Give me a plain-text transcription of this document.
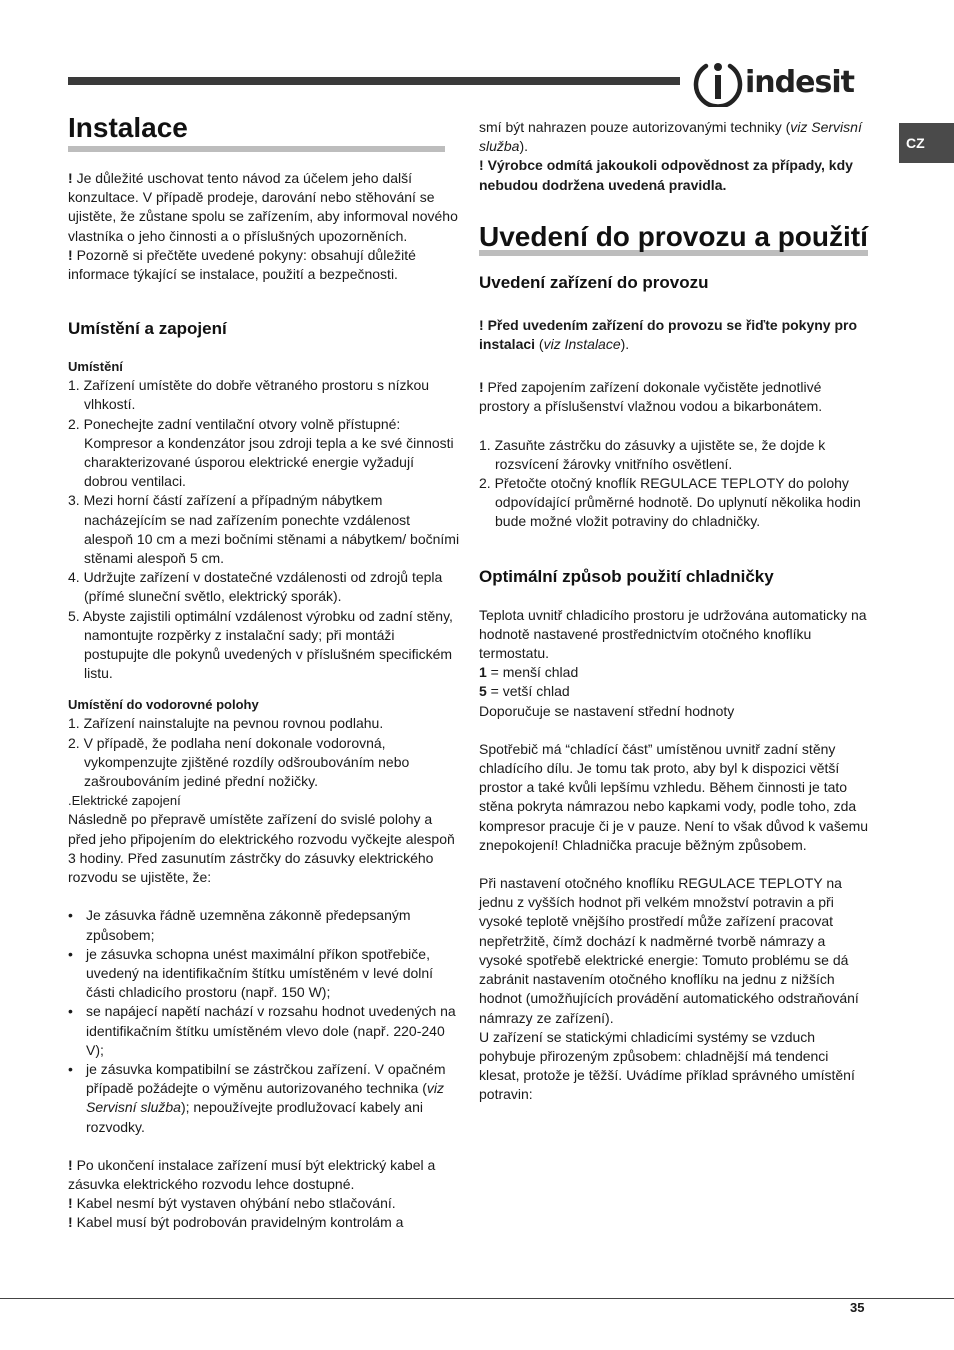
indesit
CZ
Instalace

! Je důležité uschovat tento návod za účelem jeho další konzultace. V případě prodeje, darování nebo stěhování se ujistěte, že zůstane spolu se zařízením, aby informoval nového vlastníka o jeho činnosti a o příslušných upozorněních.

! Pozorně si přečtěte uvedené pokyny: obsahují důležité informace týkající se instalace, použití a bezpečnosti.

Umístění a zapojení
Umístění

1. Zařízení umístěte do dobře větraného prostoru s nízkou vlhkostí.

2. Ponechejte zadní ventilační otvory volně přístupné: Kompresor a kondenzátor jsou zdroji tepla a ke své činnosti charakterizované úsporou elektrické energie vyžadují dobrou ventilaci.

3. Mezi horní částí zařízení a případným nábytkem nacházejícím se nad zařízením ponechte vzdálenost alespoň 10 cm a mezi bočními stěnami a nábytkem/ bočními stěnami alespoň 5 cm.

4. Udržujte zařízení v dostatečné vzdálenosti od zdrojů tepla (přímé sluneční světlo, elektrický sporák).

5. Abyste zajistili optimální vzdálenost výrobku od zadní stěny, namontujte rozpěrky z instalační sady; při montáži postupujte dle pokynů uvedených v příslušném specifickém listu.

Umístění do vodorovné polohy

1. Zařízení nainstalujte na pevnou rovnou podlahu.

2. V případě, že podlaha není dokonale vodorovná, vykompenzujte zjištěné rozdíly odšroubováním nebo zašroubováním jediné přední nožičky.

.Elektrické zapojení

Následně po přepravě umístěte zařízení do svislé polohy a před jeho připojením do elektrického rozvodu vyčkejte alespoň 3 hodiny. Před zasunutím zástrčky do zásuvky elektrického rozvodu se ujistěte, že:

• Je zásuvka řádně uzemněna zákonně předepsaným způsobem;

• je zásuvka schopna unést maximální příkon spotřebiče, uvedený na identifikačním štítku umístěném v levé dolní části chladicího prostoru (např. 150 W);

• se napájecí napětí nachází v rozsahu hodnot uvedených na identifikačním štítku umístěném vlevo dole (např. 220-240 V);

• je zásuvka kompatibilní se zástrčkou zařízení. V opačném případě požádejte o výměnu autorizovaného technika (viz Servisní služba); nepoužívejte prodlužovací kabely ani rozvodky.

! Po ukončení instalace zařízení musí být elektrický kabel a zásuvka elektrického rozvodu lehce dostupné.

! Kabel nesmí být vystaven ohýbání nebo stlačování.

! Kabel musí být podrobován pravidelným kontrolám a

smí být nahrazen pouze autorizovanými techniky (viz Servisní služba).

! Výrobce odmítá jakoukoli odpovědnost za případy, kdy nebudou dodržena uvedená pravidla.

Uvedení do provozu a použití
Uvedení zařízení do provozu

! Před uvedením zařízení do provozu se řiďte pokyny pro instalaci (viz Instalace).

! Před zapojením zařízení dokonale vyčistěte jednotlivé prostory a příslušenství vlažnou vodou a bikarbonátem.

1. Zasuňte zástrčku do zásuvky a ujistěte se, že dojde k rozsvícení žárovky vnitřního osvětlení.

2. Přetočte otočný knoflík REGULACE TEPLOTY do polohy odpovídající průměrné hodnotě. Do uplynutí několika hodin bude možné vložit potraviny do chladničky.

Optimální způsob použití chladničky

Teplota uvnitř chladicího prostoru je udržována automaticky na hodnotě nastavené prostřednictvím otočného knoflíku termostatu.

1 = menší chlad

5 = vetší chlad

Doporučuje se nastavení střední hodnoty

Spotřebič má “chladící část” umístěnou uvnitř zadní stěny chladícího dílu. Je tomu tak proto, aby byl k dispozici větší prostor a také kvůli lepšímu vzhledu. Během činnosti je tato stěna pokryta námrazou nebo kapkami vody, podle toho, zda kompresor pracuje či je v pauze. Není to však důvod k vašemu znepokojení! Chladnička pracuje běžným způsobem.

Při nastavení otočného knoflíku REGULACE TEPLOTY na jednu z vyšších hodnot při velkém množství potravin a při vysoké teplotě vnějšího prostředí může zařízení pracovat nepřetržitě, čímž dochází k nadměrné tvorbě námrazy a vysoké spotřebě elektrické energie: Tomuto problému se dá zabránit nastavením otočného knoflíku na jednu z nižších hodnot (umožňujících provádění automatického odstraňování námrazy ze zařízení).

U zařízení se statickými chladicími systémy se vzduch pohybuje přirozeným způsobem: chladnější má tendenci klesat, protože je těžší. Uvádíme příklad správného umístění potravin:

35
